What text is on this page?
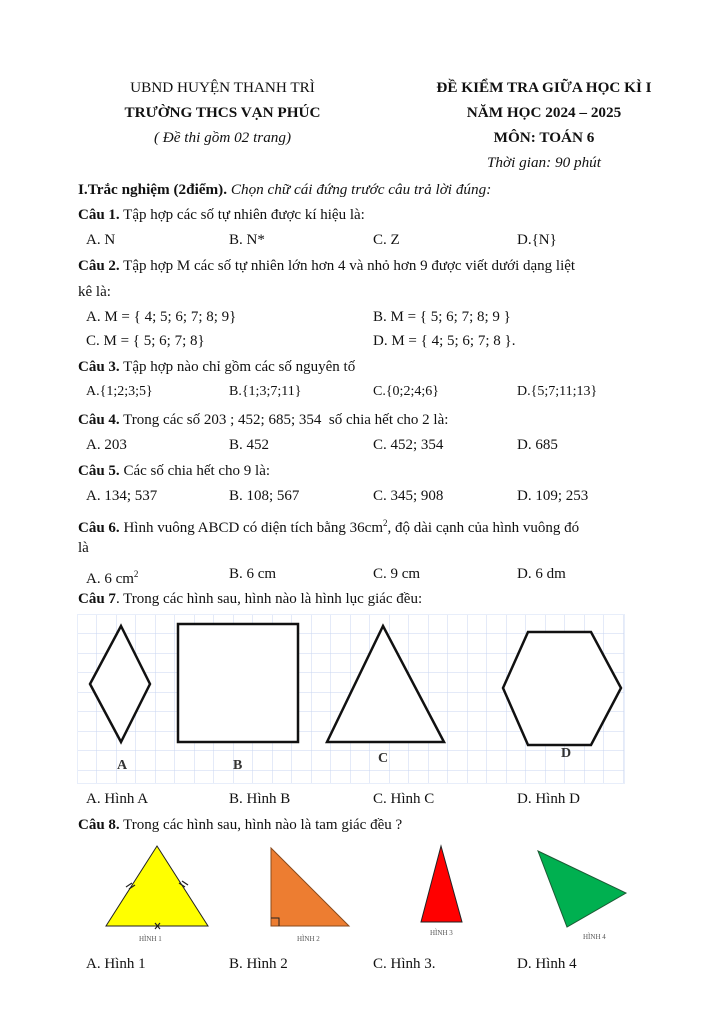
UBND HUYỆN THANH TRÌ
TRƯỜNG THCS VẠN PHÚC
( Đề thi gồm 02 trang)
ĐỀ KIỂM TRA GIỮA HỌC KÌ I
NĂM HỌC 2024 – 2025
MÔN: TOÁN 6
Thời gian: 90 phút
I.Trắc nghiệm (2điểm). Chọn chữ cái đứng trước câu trả lời đúng:
Câu 1. Tập hợp các số tự nhiên được kí hiệu là:
A. N	B. N*	C. Z	D.{N}
Câu 2. Tập hợp M các số tự nhiên lớn hơn 4 và nhỏ hơn 9 được viết dưới dạng liệt
kê là:
A. M = { 4; 5; 6; 7; 8; 9}	B. M = { 5; 6; 7; 8; 9 }
C. M = { 5; 6; 7; 8}	D. M = { 4; 5; 6; 7; 8 }.
Câu 3. Tập hợp nào chỉ gồm các số nguyên tố
A.{1;2;3;5}	B.{1;3;7;11}	C.{0;2;4;6}	D.{5;7;11;13}
Câu 4. Trong các số 203 ; 452; 685; 354  số chia hết cho 2 là:
A. 203	B. 452	C. 452; 354	D. 685
Câu 5. Các số chia hết cho 9 là:
A. 134; 537	B. 108; 567	C. 345; 908	D. 109; 253
Câu 6. Hình vuông ABCD có diện tích bằng $36cm^2$, độ dài cạnh của hình vuông đó
là
A. 6 $cm^2$	B. 6 cm	C. 9 cm	D. 6 dm
Câu 7. Trong các hình sau, hình nào là hình lục giác đều:
A	B	C	D
A. Hình A	B. Hình B	C. Hình C	D. Hình D
Câu 8. Trong các hình sau, hình nào là tam giác đều ?
HÌNH 1	HÌNH 2
HÌNH 3	HÌNH 4
A. Hình 1	B. Hình 2	C. Hình 3.	D. Hình 4
